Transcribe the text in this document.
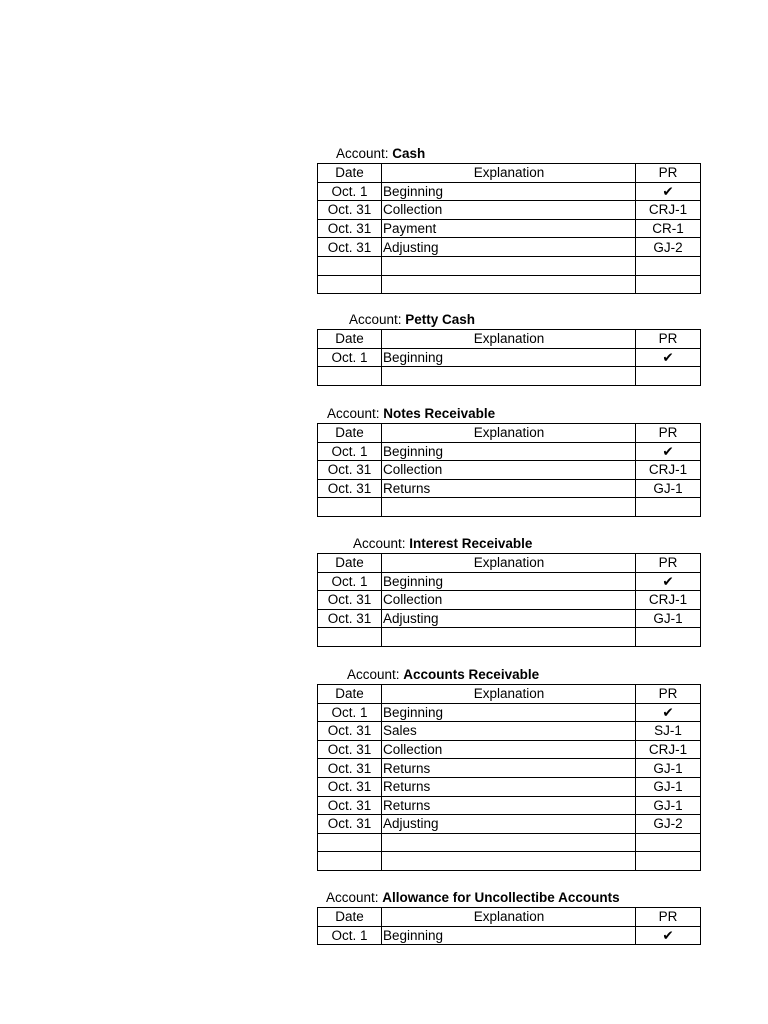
Account: Cash
Date	Explanation	PR
Oct. 1	Beginning	✔
Oct. 31	Collection	CRJ-1
Oct. 31	Payment	CR-1
Oct. 31	Adjusting	GJ-2

Account: Petty Cash
Date	Explanation	PR
Oct. 1	Beginning	✔

Account: Notes Receivable
Date	Explanation	PR
Oct. 1	Beginning	✔
Oct. 31	Collection	CRJ-1
Oct. 31	Returns	GJ-1

Account: Interest Receivable
Date	Explanation	PR
Oct. 1	Beginning	✔
Oct. 31	Collection	CRJ-1
Oct. 31	Adjusting	GJ-1

Account: Accounts Receivable
Date	Explanation	PR
Oct. 1	Beginning	✔
Oct. 31	Sales	SJ-1
Oct. 31	Collection	CRJ-1
Oct. 31	Returns	GJ-1
Oct. 31	Returns	GJ-1
Oct. 31	Returns	GJ-1
Oct. 31	Adjusting	GJ-2

Account: Allowance for Uncollectibe Accounts
Date	Explanation	PR
Oct. 1	Beginning	✔
